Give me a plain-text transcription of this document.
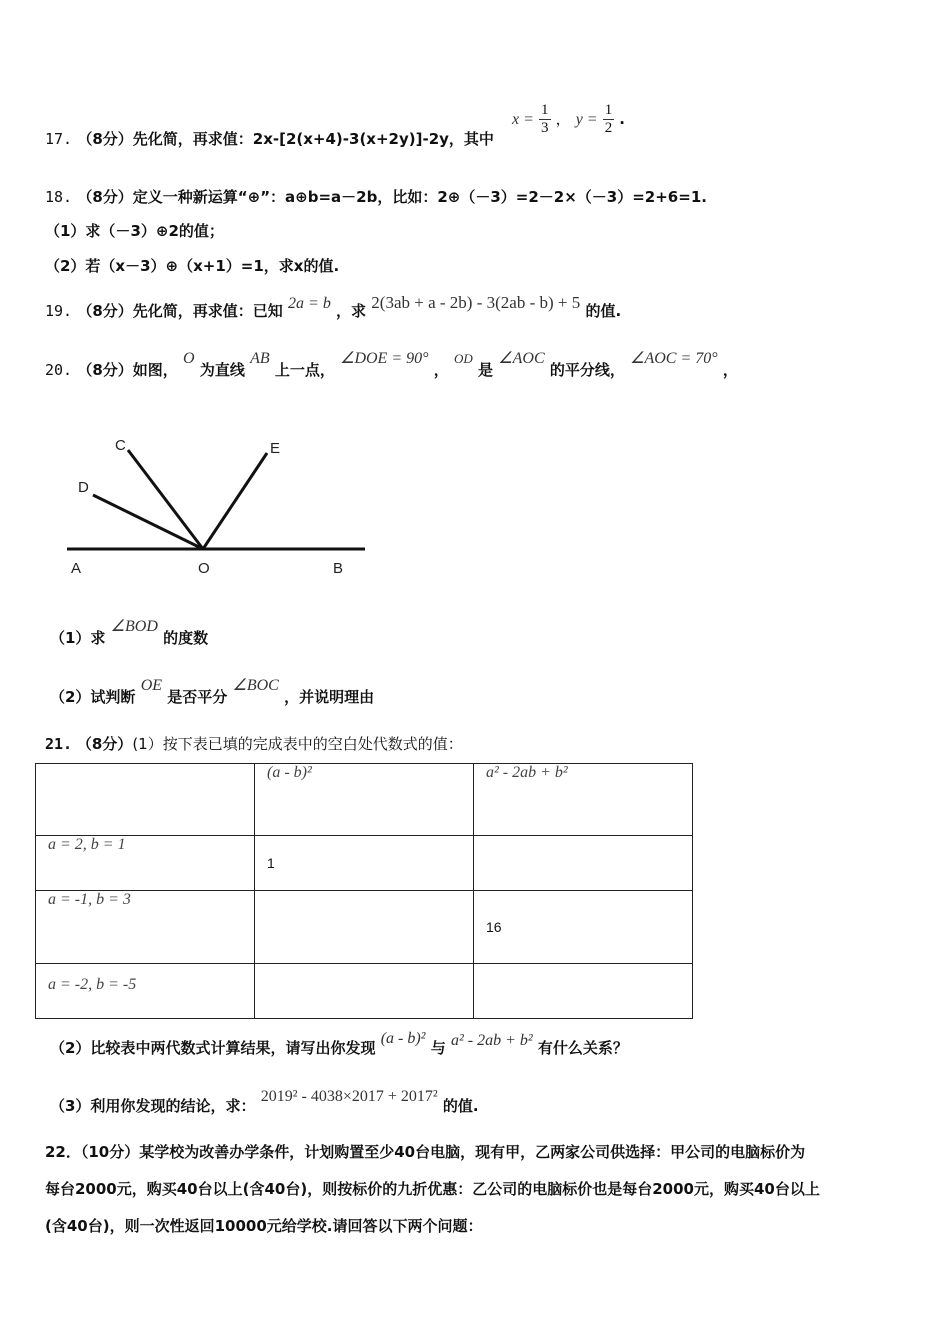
17. （8分）先化简，再求值：2x-[2(x+4)-3(x+2y)]-2y，其中
$x = \frac{1}{3}$ ， $y = \frac{1}{2}$ .
18. （8分）定义一种新运算“⊕”：a⊕b=a－2b，比如：2⊕（－3）=2－2×（－3）=2+6=1.
（1）求（－3）⊕2的值；
（2）若（x－3）⊕（x+1）=1，求x的值.
19. （8分）先化简，再求值：已知 2a = b ，求 2(3ab + a - 2b) - 3(2ab - b) + 5 的值.
20. （8分）如图， O 为直线 AB 上一点， ∠DOE = 90° ， OD 是 ∠AOC 的平分线， ∠AOC = 70° ，
A	O	B
C
D
E
（1）求 ∠BOD 的度数
（2）试判断 OE 是否平分 ∠BOC ，并说明理由
21. （8分）(1）按下表已填的完成表中的空白处代数式的值：
	(a - b)²	a² - 2ab + b²
a = 2, b = 1	1	
a = -1, b = 3		16
a = -2, b = -5		
（2）比较表中两代数式计算结果，请写出你发现 (a - b)² 与 a² - 2ab + b² 有什么关系？
（3）利用你发现的结论，求： 2019² - 4038×2017 + 2017² 的值.
22．（10分）某学校为改善办学条件，计划购置至少40台电脑，现有甲，乙两家公司供选择：甲公司的电脑标价为
每台2000元，购买40台以上(含40台)，则按标价的九折优惠：乙公司的电脑标价也是每台2000元，购买40台以上
(含40台)，则一次性返回10000元给学校.请回答以下两个问题：
